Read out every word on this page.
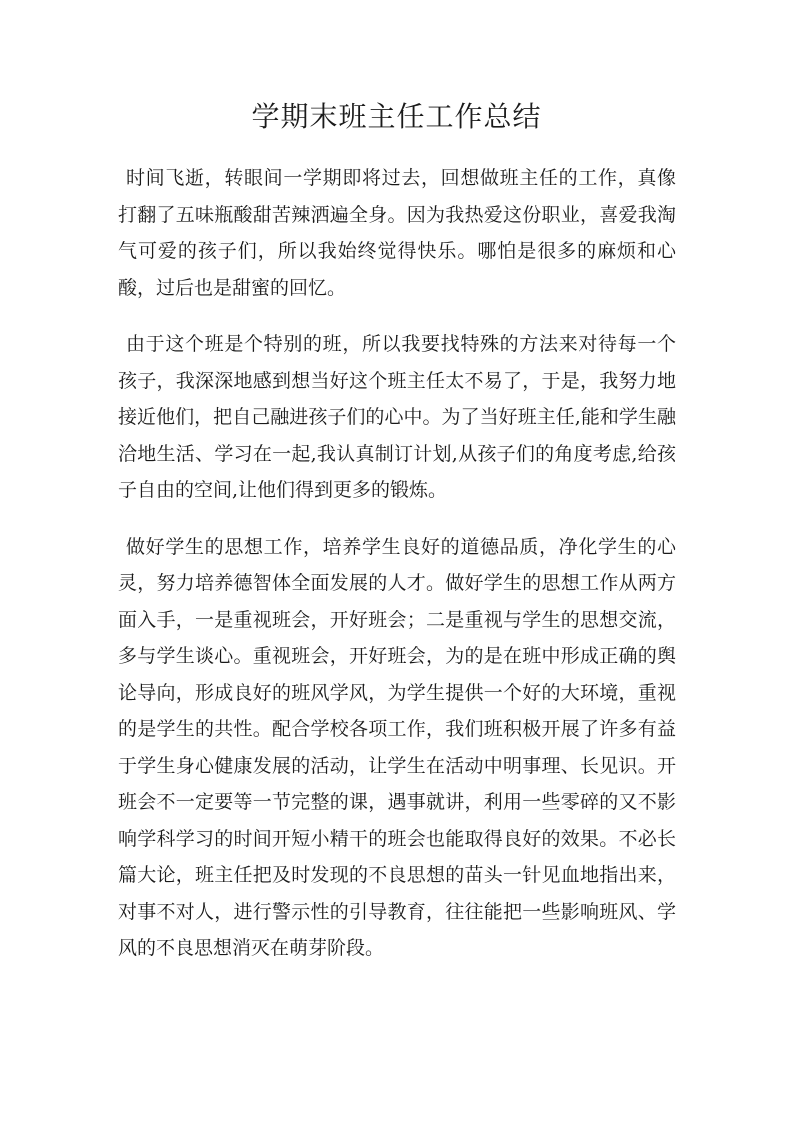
学期末班主任工作总结

时间飞逝，转眼间一学期即将过去，回想做班主任的工作，真像打翻了五味瓶酸甜苦辣洒遍全身。因为我热爱这份职业，喜爱我淘气可爱的孩子们，所以我始终觉得快乐。哪怕是很多的麻烦和心酸，过后也是甜蜜的回忆。

由于这个班是个特别的班，所以我要找特殊的方法来对待每一个孩子，我深深地感到想当好这个班主任太不易了，于是，我努力地接近他们，把自己融进孩子们的心中。为了当好班主任,能和学生融洽地生活、学习在一起,我认真制订计划,从孩子们的角度考虑,给孩子自由的空间,让他们得到更多的锻炼。

做好学生的思想工作，培养学生良好的道德品质，净化学生的心灵，努力培养德智体全面发展的人才。做好学生的思想工作从两方面入手，一是重视班会，开好班会；二是重视与学生的思想交流，多与学生谈心。重视班会，开好班会，为的是在班中形成正确的舆论导向，形成良好的班风学风，为学生提供一个好的大环境，重视的是学生的共性。配合学校各项工作，我们班积极开展了许多有益于学生身心健康发展的活动，让学生在活动中明事理、长见识。开班会不一定要等一节完整的课，遇事就讲，利用一些零碎的又不影响学科学习的时间开短小精干的班会也能取得良好的效果。不必长篇大论，班主任把及时发现的不良思想的苗头一针见血地指出来，对事不对人，进行警示性的引导教育，往往能把一些影响班风、学风的不良思想消灭在萌芽阶段。
